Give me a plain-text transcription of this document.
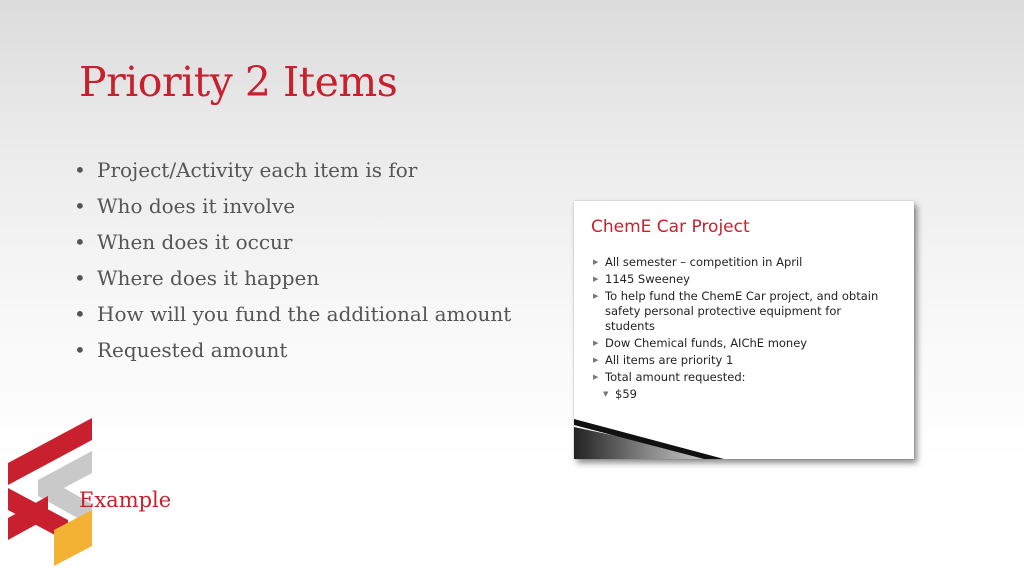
Priority 2 Items
• Project/Activity each item is for
• Who does it involve
• When does it occur
• Where does it happen
• How will you fund the additional amount
• Requested amount
Example
ChemE Car Project
▶ All semester – competition in April
▶ 1145 Sweeney
▶ To help fund the ChemE Car project, and obtain safety personal protective equipment for students
▶ Dow Chemical funds, AIChE money
▶ All items are priority 1
▶ Total amount requested:
▼ $59
